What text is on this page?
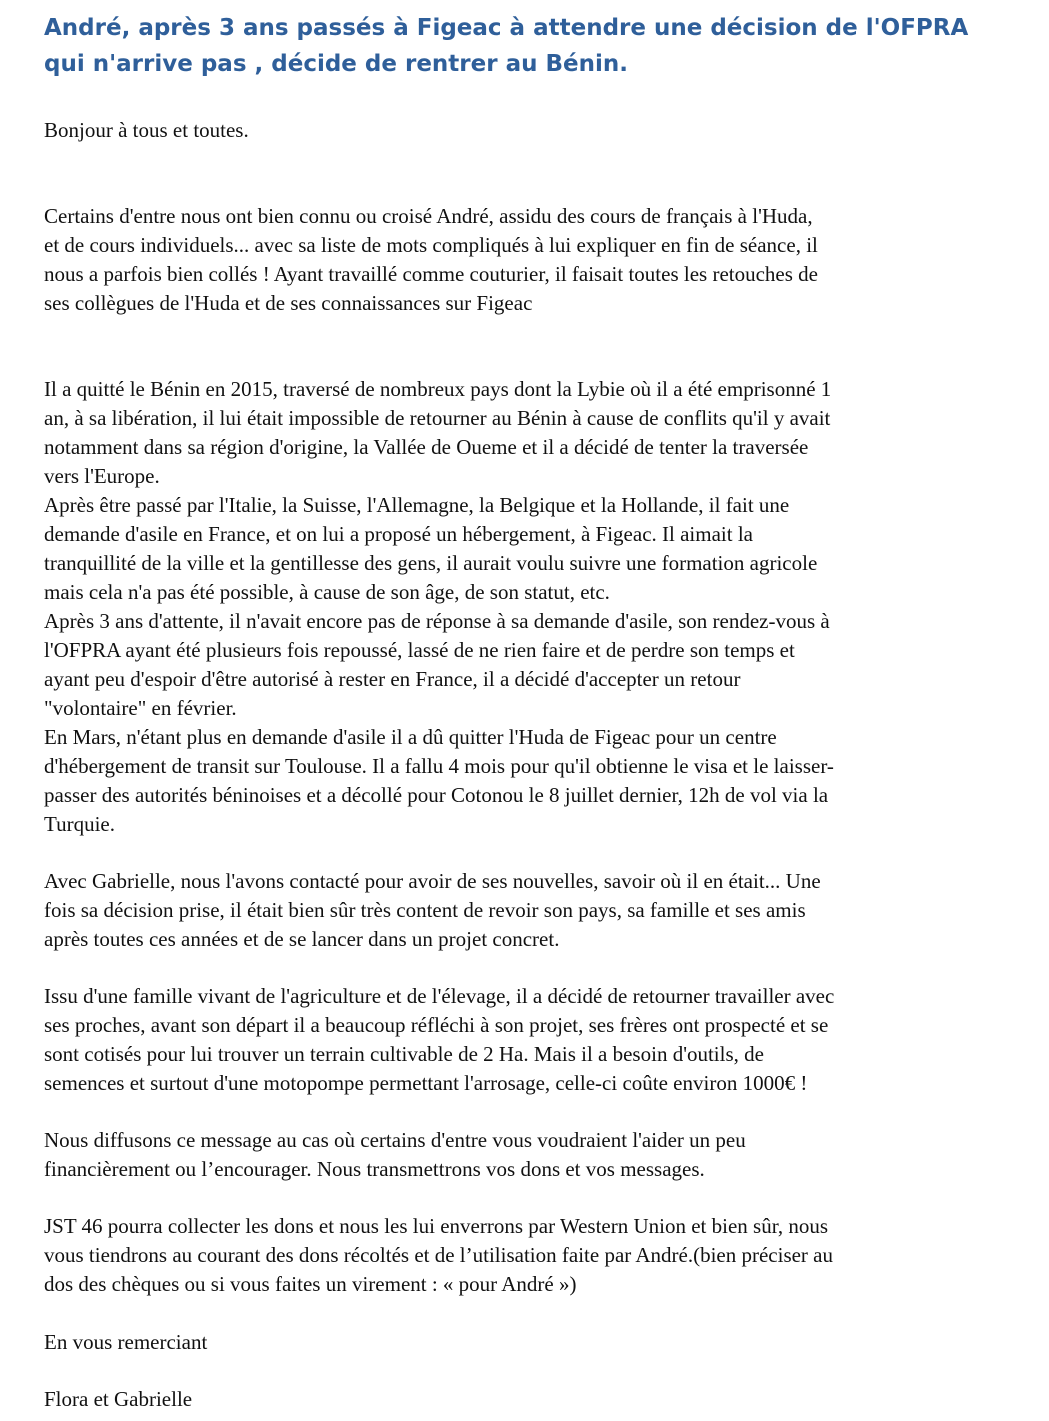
André, après 3 ans passés à Figeac à attendre une décision de l'OFPRA
qui n'arrive pas , décide de rentrer au Bénin.

Bonjour à tous et toutes.

Certains d'entre nous ont bien connu ou croisé André, assidu des cours de français à l'Huda,
et de cours individuels... avec sa liste de mots compliqués à lui expliquer en fin de séance, il
nous a parfois bien collés ! Ayant travaillé comme couturier, il faisait toutes les retouches de
ses collègues de l'Huda et de ses connaissances sur Figeac

Il a quitté le Bénin en 2015, traversé de nombreux pays dont la Lybie où il a été emprisonné 1
an, à sa libération, il lui était impossible de retourner au Bénin à cause de conflits qu'il y avait
notamment dans sa région d'origine, la Vallée de Oueme et il a décidé de tenter la traversée
vers l'Europe.
Après être passé par l'Italie, la Suisse, l'Allemagne, la Belgique et la Hollande, il fait une
demande d'asile en France, et on lui a proposé un hébergement, à Figeac. Il aimait la
tranquillité de la ville et la gentillesse des gens, il aurait voulu suivre une formation agricole
mais cela n'a pas été possible, à cause de son âge, de son statut, etc.
Après 3 ans d'attente, il n'avait encore pas de réponse à sa demande d'asile, son rendez-vous à
l'OFPRA ayant été plusieurs fois repoussé, lassé de ne rien faire et de perdre son temps et
ayant peu d'espoir d'être autorisé à rester en France, il a décidé d'accepter un retour
"volontaire" en février.
En Mars, n'étant plus en demande d'asile il a dû quitter l'Huda de Figeac pour un centre
d'hébergement de transit sur Toulouse. Il a fallu 4 mois pour qu'il obtienne le visa et le laisser-
passer des autorités béninoises et a décollé pour Cotonou le 8 juillet dernier, 12h de vol via la
Turquie.

Avec Gabrielle, nous l'avons contacté pour avoir de ses nouvelles, savoir où il en était... Une
fois sa décision prise, il était bien sûr très content de revoir son pays, sa famille et ses amis
après toutes ces années et de se lancer dans un projet concret.

Issu d'une famille vivant de l'agriculture et de l'élevage, il a décidé de retourner travailler avec
ses proches, avant son départ il a beaucoup réfléchi à son projet, ses frères ont prospecté et se
sont cotisés pour lui trouver un terrain cultivable de 2 Ha. Mais il a besoin d'outils, de
semences et surtout d'une motopompe permettant l'arrosage, celle-ci coûte environ 1000€ !

Nous diffusons ce message au cas où certains d'entre vous voudraient l'aider un peu
financièrement ou l’encourager. Nous transmettrons vos dons et vos messages.

JST 46 pourra collecter les dons et nous les lui enverrons par Western Union et bien sûr, nous
vous tiendrons au courant des dons récoltés et de l’utilisation faite par André.(bien préciser au
dos des chèques ou si vous faites un virement : « pour André »)

En vous remerciant

Flora et Gabrielle
